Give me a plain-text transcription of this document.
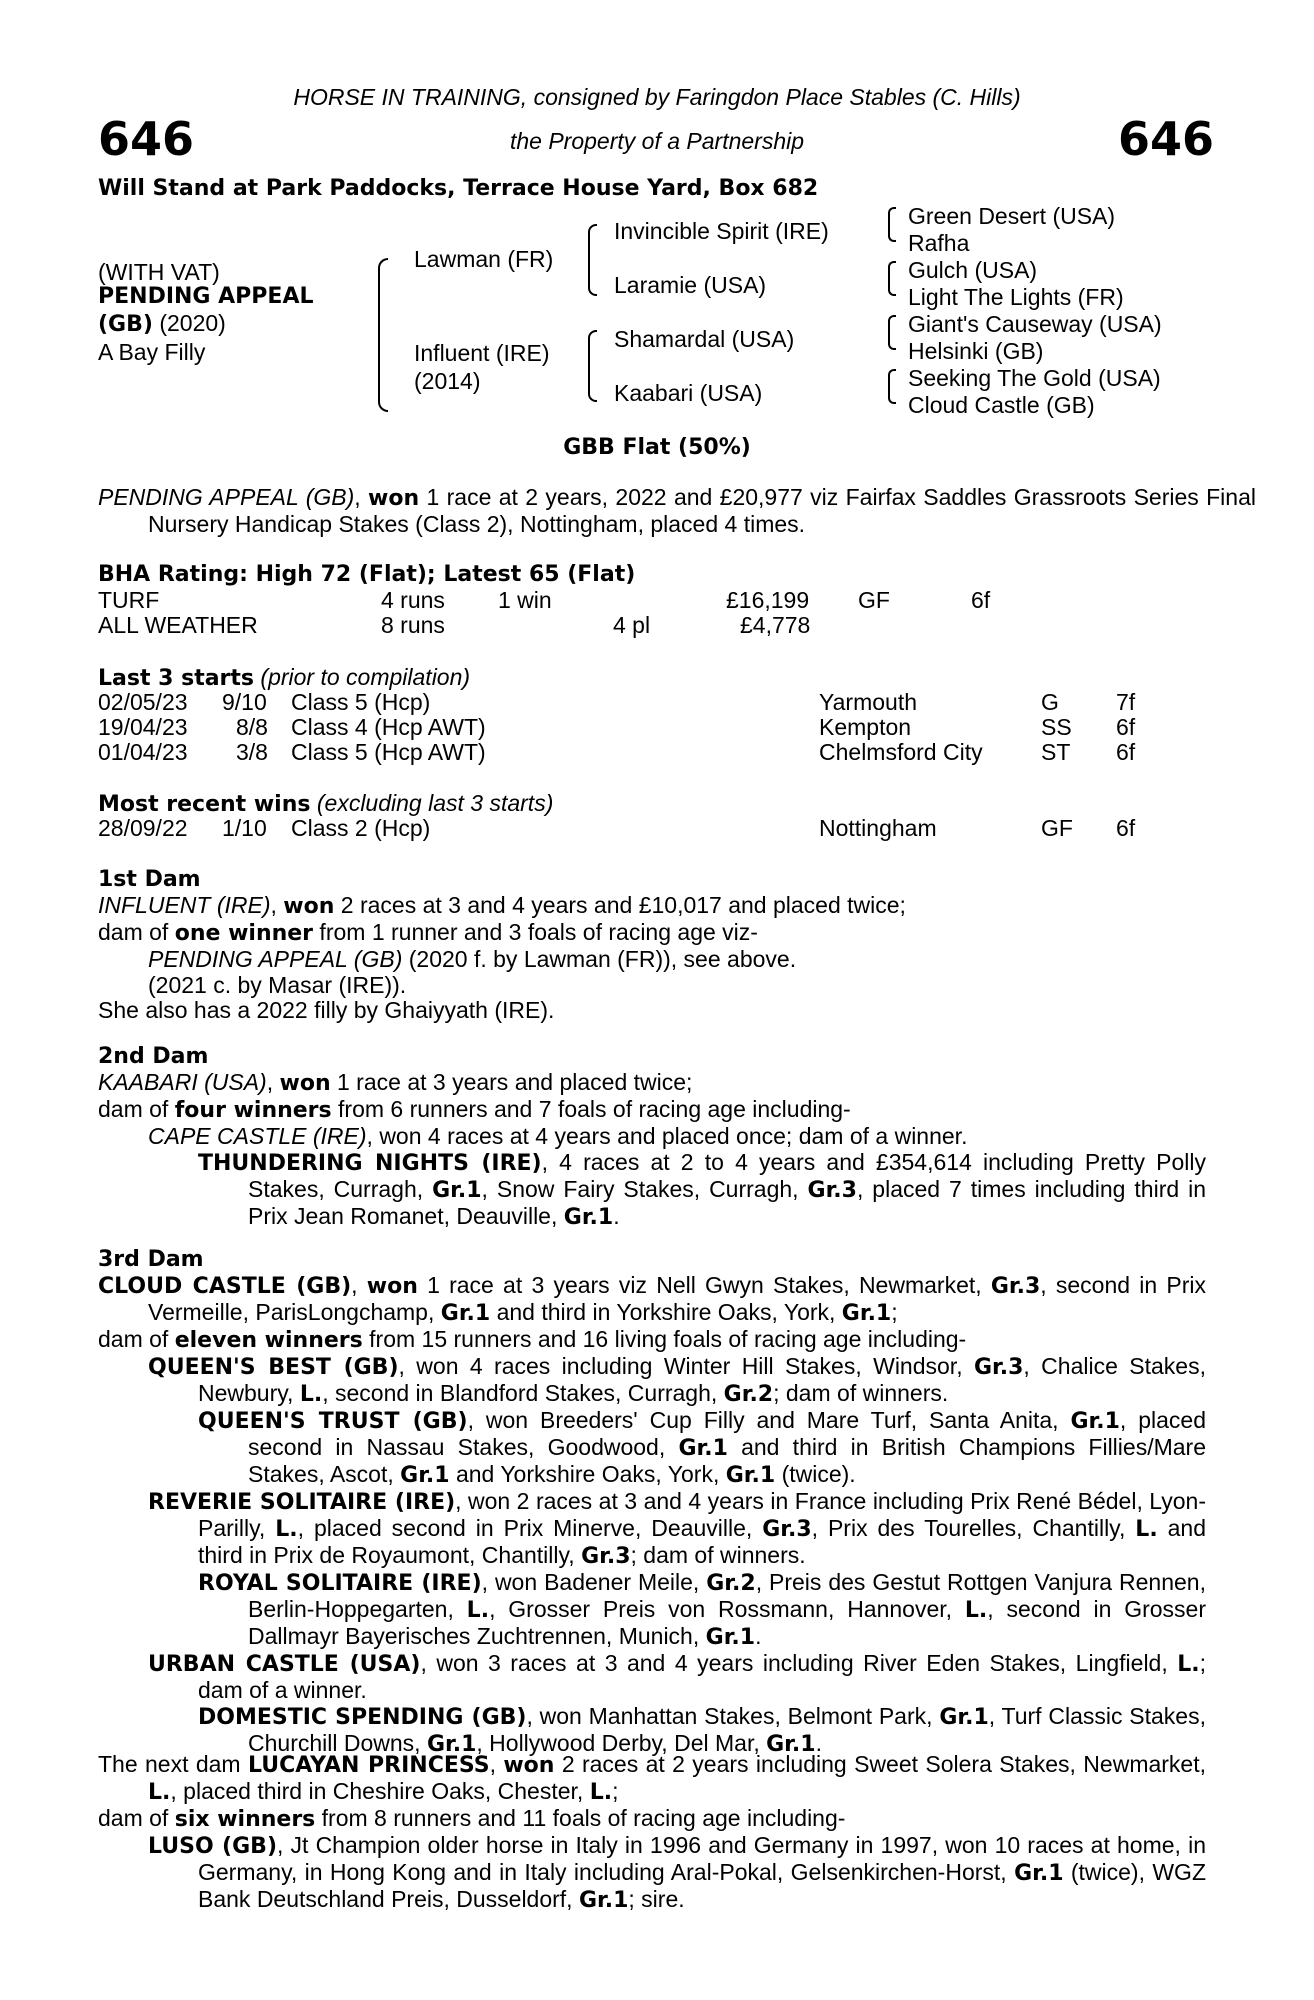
HORSE IN TRAINING, consigned by Faringdon Place Stables (C. Hills)
646	the Property of a Partnership	646
Will Stand at Park Paddocks, Terrace House Yard, Box 682
(WITH VAT)
PENDING APPEAL
(GB) (2020)
A Bay Filly
Lawman (FR)
Influent (IRE)
(2014)
Invincible Spirit (IRE)
Laramie (USA)
Shamardal (USA)
Kaabari (USA)
Green Desert (USA)
Rafha
Gulch (USA)
Light The Lights (FR)
Giant's Causeway (USA)
Helsinki (GB)
Seeking The Gold (USA)
Cloud Castle (GB)
GBB Flat (50%)
PENDING APPEAL (GB), won 1 race at 2 years, 2022 and £20,977 viz Fairfax Saddles Grassroots Series Final Nursery Handicap Stakes (Class 2), Nottingham, placed 4 times.
BHA Rating: High 72 (Flat); Latest 65 (Flat)
TURF	4 runs 1 win	£16,199 GF	6f
ALL WEATHER	8 runs	4 pl	£4,778
Last 3 starts (prior to compilation)
02/05/23 9/10 Class 5 (Hcp)	Yarmouth	G 7f
19/04/23 8/8 Class 4 (Hcp AWT)	Kempton	SS 6f
01/04/23 3/8 Class 5 (Hcp AWT)	Chelmsford City	ST 6f
Most recent wins (excluding last 3 starts)
28/09/22 1/10 Class 2 (Hcp)	Nottingham	GF 6f

1st Dam

INFLUENT (IRE), won 2 races at 3 and 4 years and £10,017 and placed twice;

dam of one winner from 1 runner and 3 foals of racing age viz-

PENDING APPEAL (GB) (2020 f. by Lawman (FR)), see above.

(2021 c. by Masar (IRE)).

She also has a 2022 filly by Ghaiyyath (IRE).

2nd Dam

KAABARI (USA), won 1 race at 3 years and placed twice;

dam of four winners from 6 runners and 7 foals of racing age including-

CAPE CASTLE (IRE), won 4 races at 4 years and placed once; dam of a winner.

THUNDERING NIGHTS (IRE), 4 races at 2 to 4 years and £354,614 including Pretty Polly Stakes, Curragh, Gr.1, Snow Fairy Stakes, Curragh, Gr.3, placed 7 times including third in Prix Jean Romanet, Deauville, Gr.1.

3rd Dam

CLOUD CASTLE (GB), won 1 race at 3 years viz Nell Gwyn Stakes, Newmarket, Gr.3, second in Prix Vermeille, ParisLongchamp, Gr.1 and third in Yorkshire Oaks, York, Gr.1;

dam of eleven winners from 15 runners and 16 living foals of racing age including-

QUEEN'S BEST (GB), won 4 races including Winter Hill Stakes, Windsor, Gr.3, Chalice Stakes, Newbury, L., second in Blandford Stakes, Curragh, Gr.2; dam of winners.

QUEEN'S TRUST (GB), won Breeders' Cup Filly and Mare Turf, Santa Anita, Gr.1, placed second in Nassau Stakes, Goodwood, Gr.1 and third in British Champions Fillies/Mare Stakes, Ascot, Gr.1 and Yorkshire Oaks, York, Gr.1 (twice).

REVERIE SOLITAIRE (IRE), won 2 races at 3 and 4 years in France including Prix René Bédel, Lyon-Parilly, L., placed second in Prix Minerve, Deauville, Gr.3, Prix des Tourelles, Chantilly, L. and third in Prix de Royaumont, Chantilly, Gr.3; dam of winners.

ROYAL SOLITAIRE (IRE), won Badener Meile, Gr.2, Preis des Gestut Rottgen Vanjura Rennen, Berlin-Hoppegarten, L., Grosser Preis von Rossmann, Hannover, L., second in Grosser Dallmayr Bayerisches Zuchtrennen, Munich, Gr.1.

URBAN CASTLE (USA), won 3 races at 3 and 4 years including River Eden Stakes, Lingfield, L.; dam of a winner.

DOMESTIC SPENDING (GB), won Manhattan Stakes, Belmont Park, Gr.1, Turf Classic Stakes, Churchill Downs, Gr.1, Hollywood Derby, Del Mar, Gr.1.

The next dam LUCAYAN PRINCESS, won 2 races at 2 years including Sweet Solera Stakes, Newmarket, L., placed third in Cheshire Oaks, Chester, L.;

dam of six winners from 8 runners and 11 foals of racing age including-

LUSO (GB), Jt Champion older horse in Italy in 1996 and Germany in 1997, won 10 races at home, in Germany, in Hong Kong and in Italy including Aral-Pokal, Gelsenkirchen-Horst, Gr.1 (twice), WGZ Bank Deutschland Preis, Dusseldorf, Gr.1; sire.
